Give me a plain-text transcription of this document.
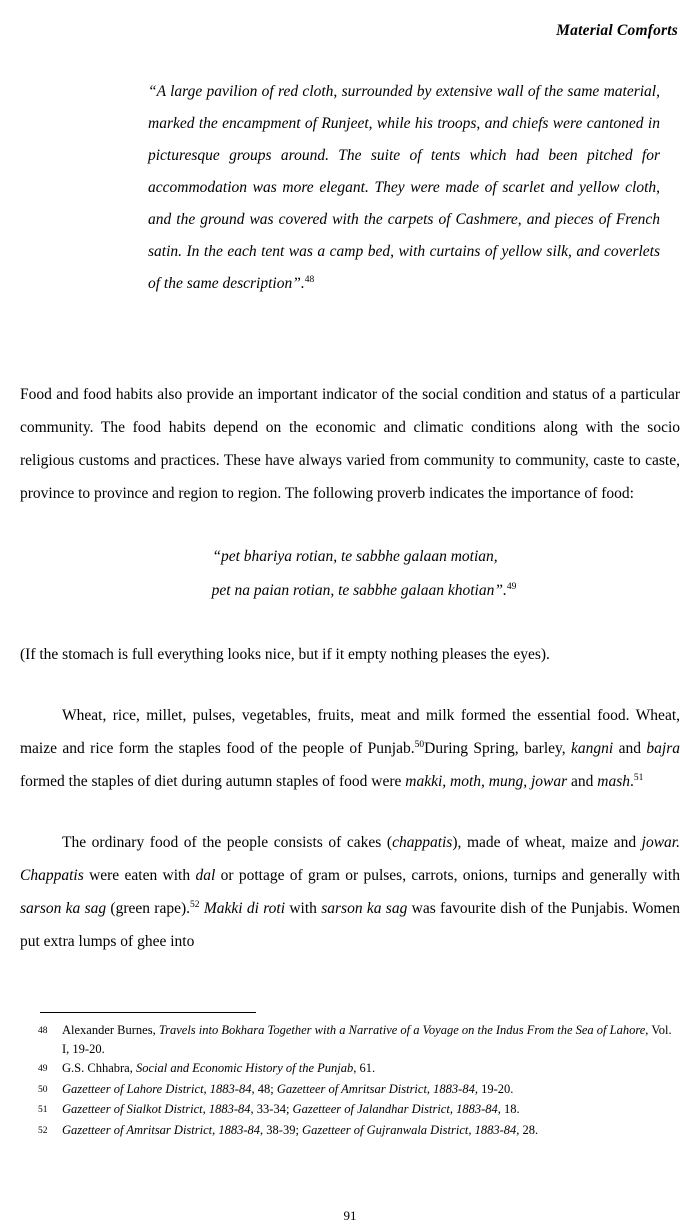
Material Comforts
“A large pavilion of red cloth, surrounded by extensive wall of the same material, marked the encampment of Runjeet, while his troops, and chiefs were cantoned in picturesque groups around. The suite of tents which had been pitched for accommodation was more elegant. They were made of scarlet and yellow cloth, and the ground was covered with the carpets of Cashmere, and pieces of French satin. In the each tent was a camp bed, with curtains of yellow silk, and coverlets of the same description”.$^{48}$

Food and food habits also provide an important indicator of the social condition and status of a particular community. The food habits depend on the economic and climatic conditions along with the socio religious customs and practices. These have always varied from community to community, caste to caste, province to province and region to region. The following proverb indicates the importance of food:

“pet bhariya rotian, te sabbhe galaan motian,
pet na paian rotian, te sabbhe galaan khotian”.$^{49}$

(If the stomach is full everything looks nice, but if it empty nothing pleases the eyes).

Wheat, rice, millet, pulses, vegetables, fruits, meat and milk formed the essential food. Wheat, maize and rice form the staples food of the people of Punjab.$^{50}$During Spring, barley, kangni and bajra formed the staples of diet during autumn staples of food were makki, moth, mung, jowar and mash.$^{51}$

The ordinary food of the people consists of cakes (chappatis), made of wheat, maize and jowar. Chappatis were eaten with dal or pottage of gram or pulses, carrots, onions, turnips and generally with sarson ka sag (green rape).$^{52}$ Makki di roti with sarson ka sag was favourite dish of the Punjabis. Women put extra lumps of ghee into

48	Alexander Burnes, Travels into Bokhara Together with a Narrative of a Voyage on the Indus From the Sea of Lahore, Vol. I, 19-20.
49	G.S. Chhabra, Social and Economic History of the Punjab, 61.
50	Gazetteer of Lahore District, 1883-84, 48; Gazetteer of Amritsar District, 1883-84, 19-20.
51	Gazetteer of Sialkot District, 1883-84, 33-34; Gazetteer of Jalandhar District, 1883-84, 18.
52	Gazetteer of Amritsar District, 1883-84, 38-39; Gazetteer of Gujranwala District, 1883-84, 28.
91
